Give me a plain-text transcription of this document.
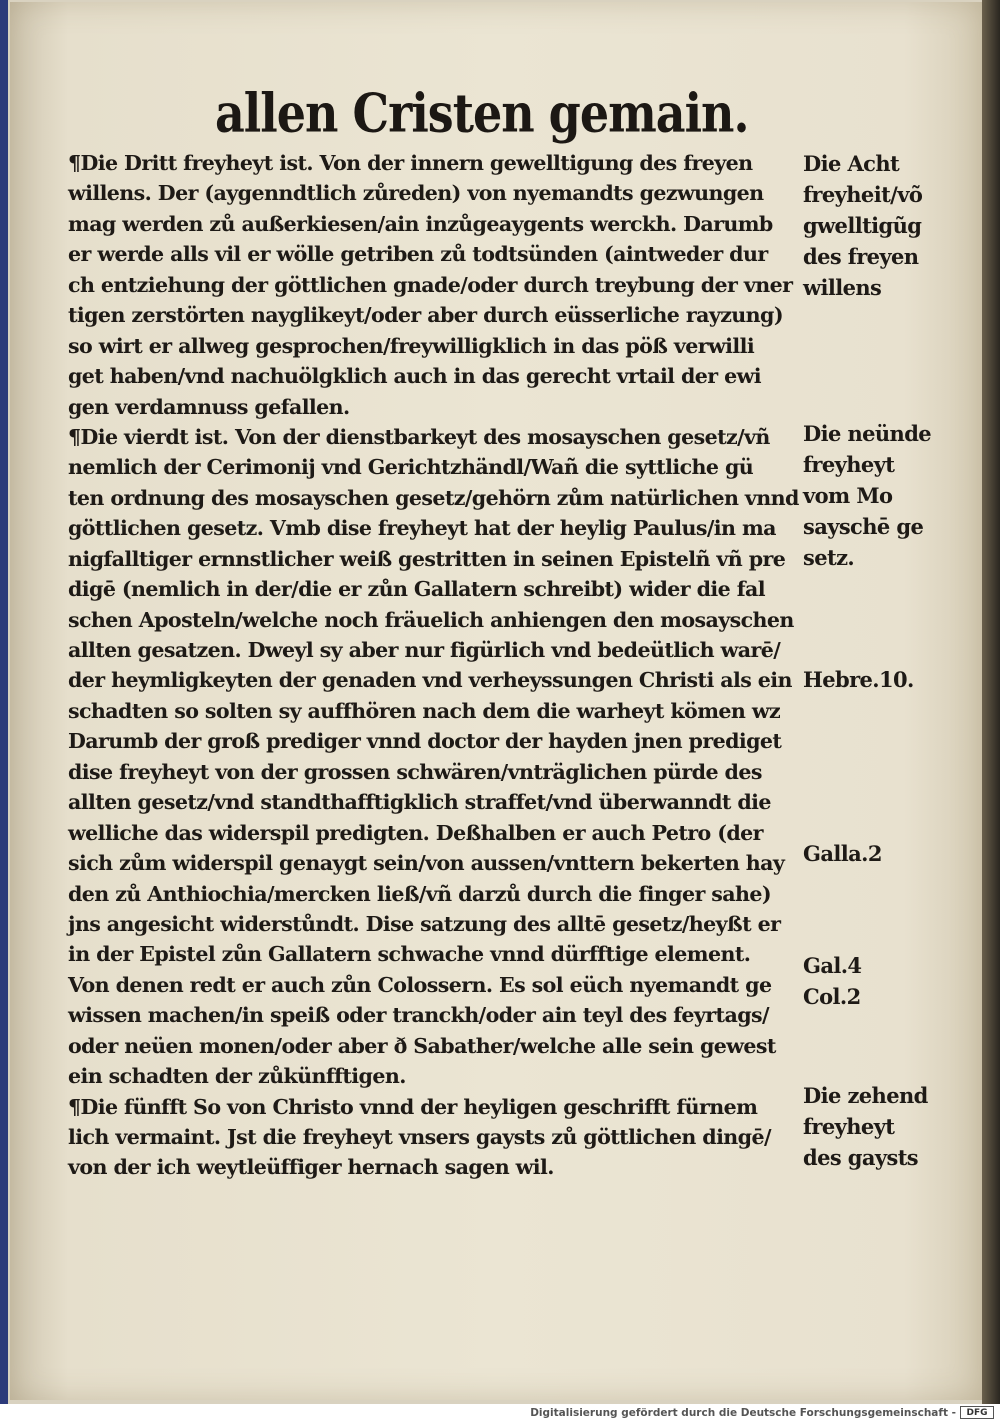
allen Cristen gemain.
¶Die Dritt freyheyt ist. Von der innern gewelltigung des freyen
willens. Der (aygenndtlich zůreden) von nyemandts gezwungen
mag werden zů außerkiesen/ain inzůgeaygents werckh. Darumb
er werde alls vil er wölle getriben zů todtsünden (aintweder dur
ch entziehung der göttlichen gnade/oder durch treybung der vner
tigen zerstörten nayglikeyt/oder aber durch eüsserliche rayzung)
so wirt er allweg gesprochen/freywilligklich in das pöß verwilli
get haben/vnd nachuölgklich auch in das gerecht vrtail der ewi
gen verdamnuss gefallen.
¶Die vierdt ist. Von der dienstbarkeyt des mosayschen gesetz/vñ
nemlich der Cerimonij vnd Gerichtzhändl/Wañ die syttliche gü
ten ordnung des mosayschen gesetz/gehörn zům natürlichen vnnd
göttlichen gesetz. Vmb dise freyheyt hat der heylig Paulus/in ma
nigfalltiger ernnstlicher weiß gestritten in seinen Epistelñ vñ pre
digē (nemlich in der/die er zůn Gallatern schreibt) wider die fal
schen Aposteln/welche noch fräuelich anhiengen den mosayschen
allten gesatzen. Dweyl sy aber nur figürlich vnd bedeütlich warē/
der heymligkeyten der genaden vnd verheyssungen Christi als ein
schadten so solten sy auffhören nach dem die warheyt kömen wz
Darumb der groß prediger vnnd doctor der hayden jnen prediget
dise freyheyt von der grossen schwären/vnträglichen pürde des
allten gesetz/vnd standthafftigklich straffet/vnd überwanndt die
welliche das widerspil predigten. Deßhalben er auch Petro (der
sich zům widerspil genaygt sein/von aussen/vnttern bekerten hay
den zů Anthiochia/mercken ließ/vñ darzů durch die finger sahe)
jns angesicht widerstůndt. Dise satzung des alltē gesetz/heyßt er
in der Epistel zůn Gallatern schwache vnnd dürfftige element.
Von denen redt er auch zůn Colossern. Es sol eüch nyemandt ge
wissen machen/in speiß oder tranckh/oder ain teyl des feyrtags/
oder neüen monen/oder aber ð Sabather/welche alle sein gewest
ein schadten der zůkünfftigen.
¶Die fünfft So von Christo vnnd der heyligen geschrifft fürnem
lich vermaint. Jst die freyheyt vnsers gaysts zů göttlichen dingē/
von der ich weytleüffiger hernach sagen wil.
Die Acht
freyheit/võ
gwelltigũg
des freyen
willens
Die neünde
freyheyt
vom Mo
sayschē ge
setz.
Hebre.10.
Galla.2
Gal.4
Col.2
Die zehend
freyheyt
des gaysts
Digitalisierung gefördert durch die Deutsche Forschungsgemeinschaft -	DFG
